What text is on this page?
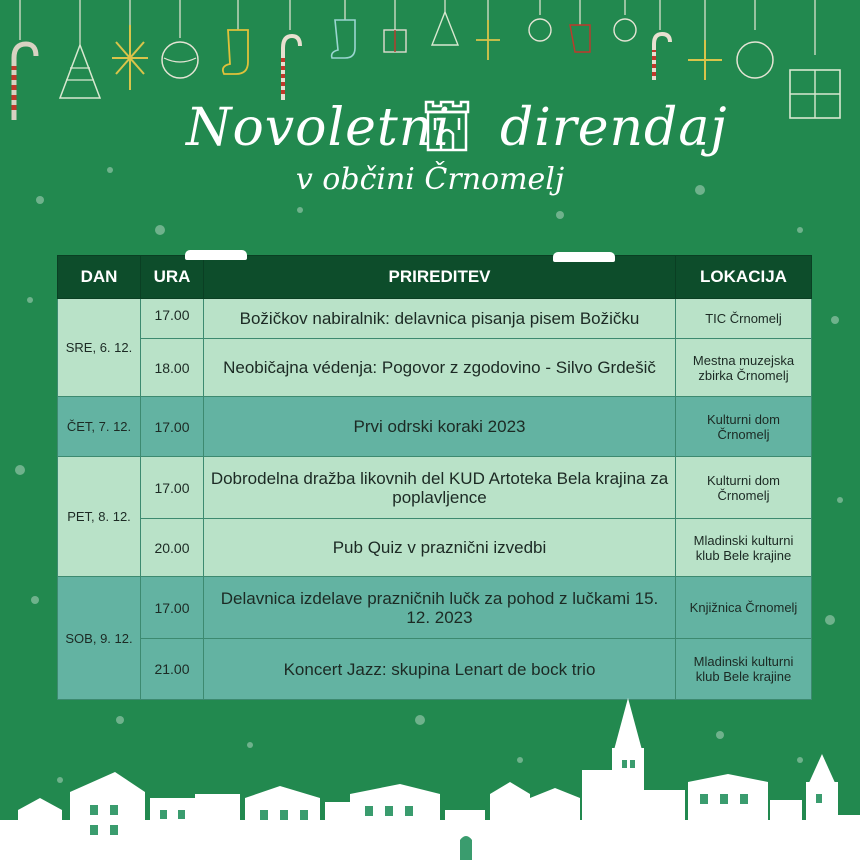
Novoletni direndaj
v občini Črnomelj
DAN	URA	PRIREDITEV	LOKACIJA
SRE, 6. 12.	17.00	Božičkov nabiralnik: delavnica pisanja pisem Božičku	TIC Črnomelj
	18.00	Neobičajna védenja: Pogovor z zgodovino - Silvo Grdešič	Mestna muzejska zbirka Črnomelj
ČET, 7. 12.	17.00	Prvi odrski koraki 2023	Kulturni dom Črnomelj
PET, 8. 12.	17.00	Dobrodelna dražba likovnih del KUD Artoteka Bela krajina za poplavljence	Kulturni dom Črnomelj
	20.00	Pub Quiz v praznični izvedbi	Mladinski kulturni klub Bele krajine
SOB, 9. 12.	17.00	Delavnica izdelave prazničnih lučk za pohod z lučkami 15. 12. 2023	Knjižnica Črnomelj
	21.00	Koncert Jazz: skupina Lenart de bock trio	Mladinski kulturni klub Bele krajine
